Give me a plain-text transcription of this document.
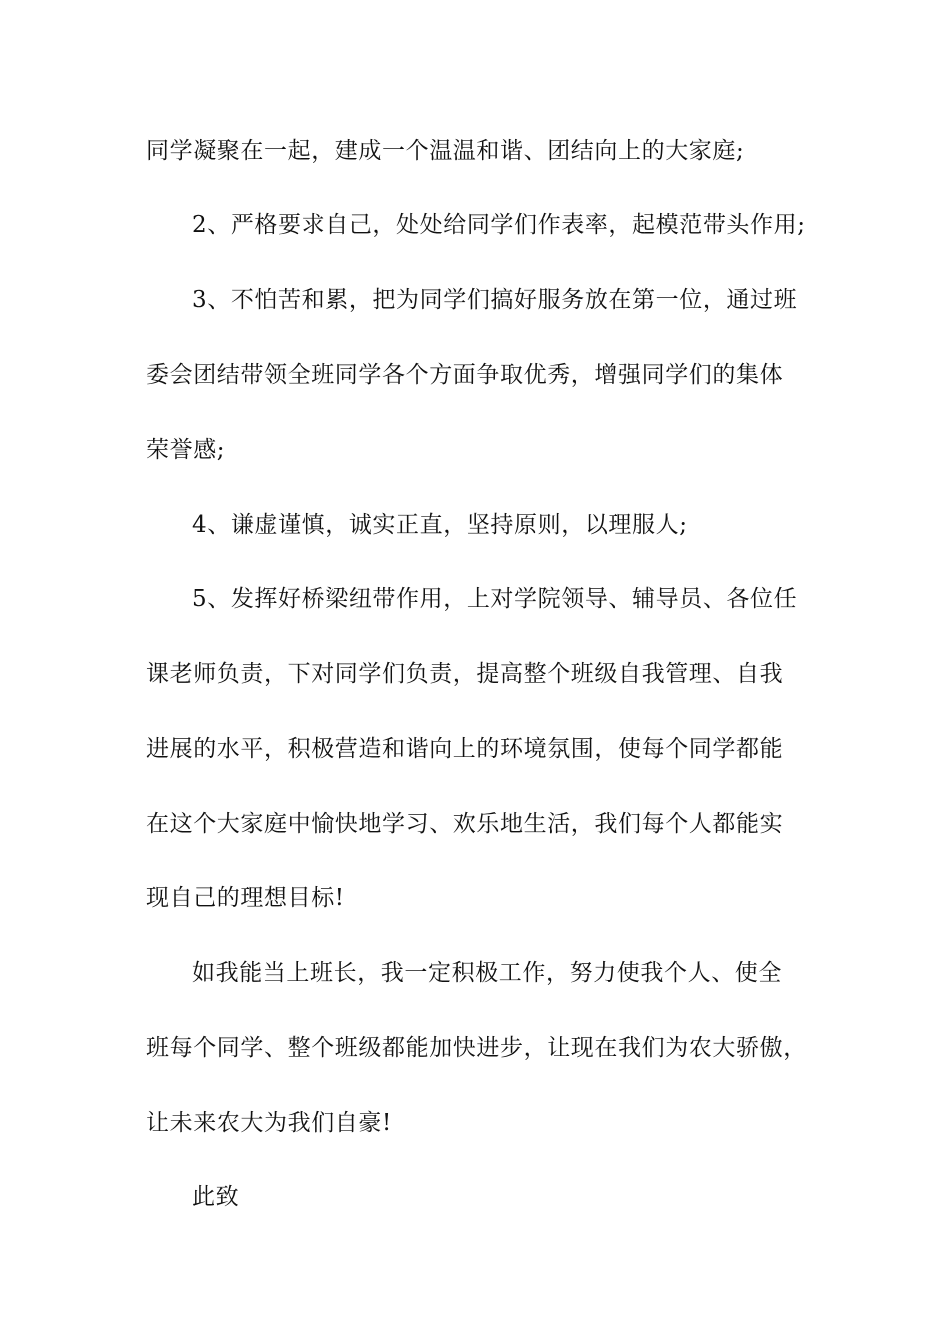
同学凝聚在一起，建成一个温温和谐、团结向上的大家庭;
2、严格要求自己，处处给同学们作表率，起模范带头作用;
3、不怕苦和累，把为同学们搞好服务放在第一位，通过班
委会团结带领全班同学各个方面争取优秀，增强同学们的集体
荣誉感;
4、谦虚谨慎，诚实正直，坚持原则，以理服人;
5、发挥好桥梁纽带作用，上对学院领导、辅导员、各位任
课老师负责，下对同学们负责，提高整个班级自我管理、自我
进展的水平，积极营造和谐向上的环境氛围，使每个同学都能
在这个大家庭中愉快地学习、欢乐地生活，我们每个人都能实
现自己的理想目标!
如我能当上班长，我一定积极工作，努力使我个人、使全
班每个同学、整个班级都能加快进步，让现在我们为农大骄傲，
让未来农大为我们自豪!
此致
